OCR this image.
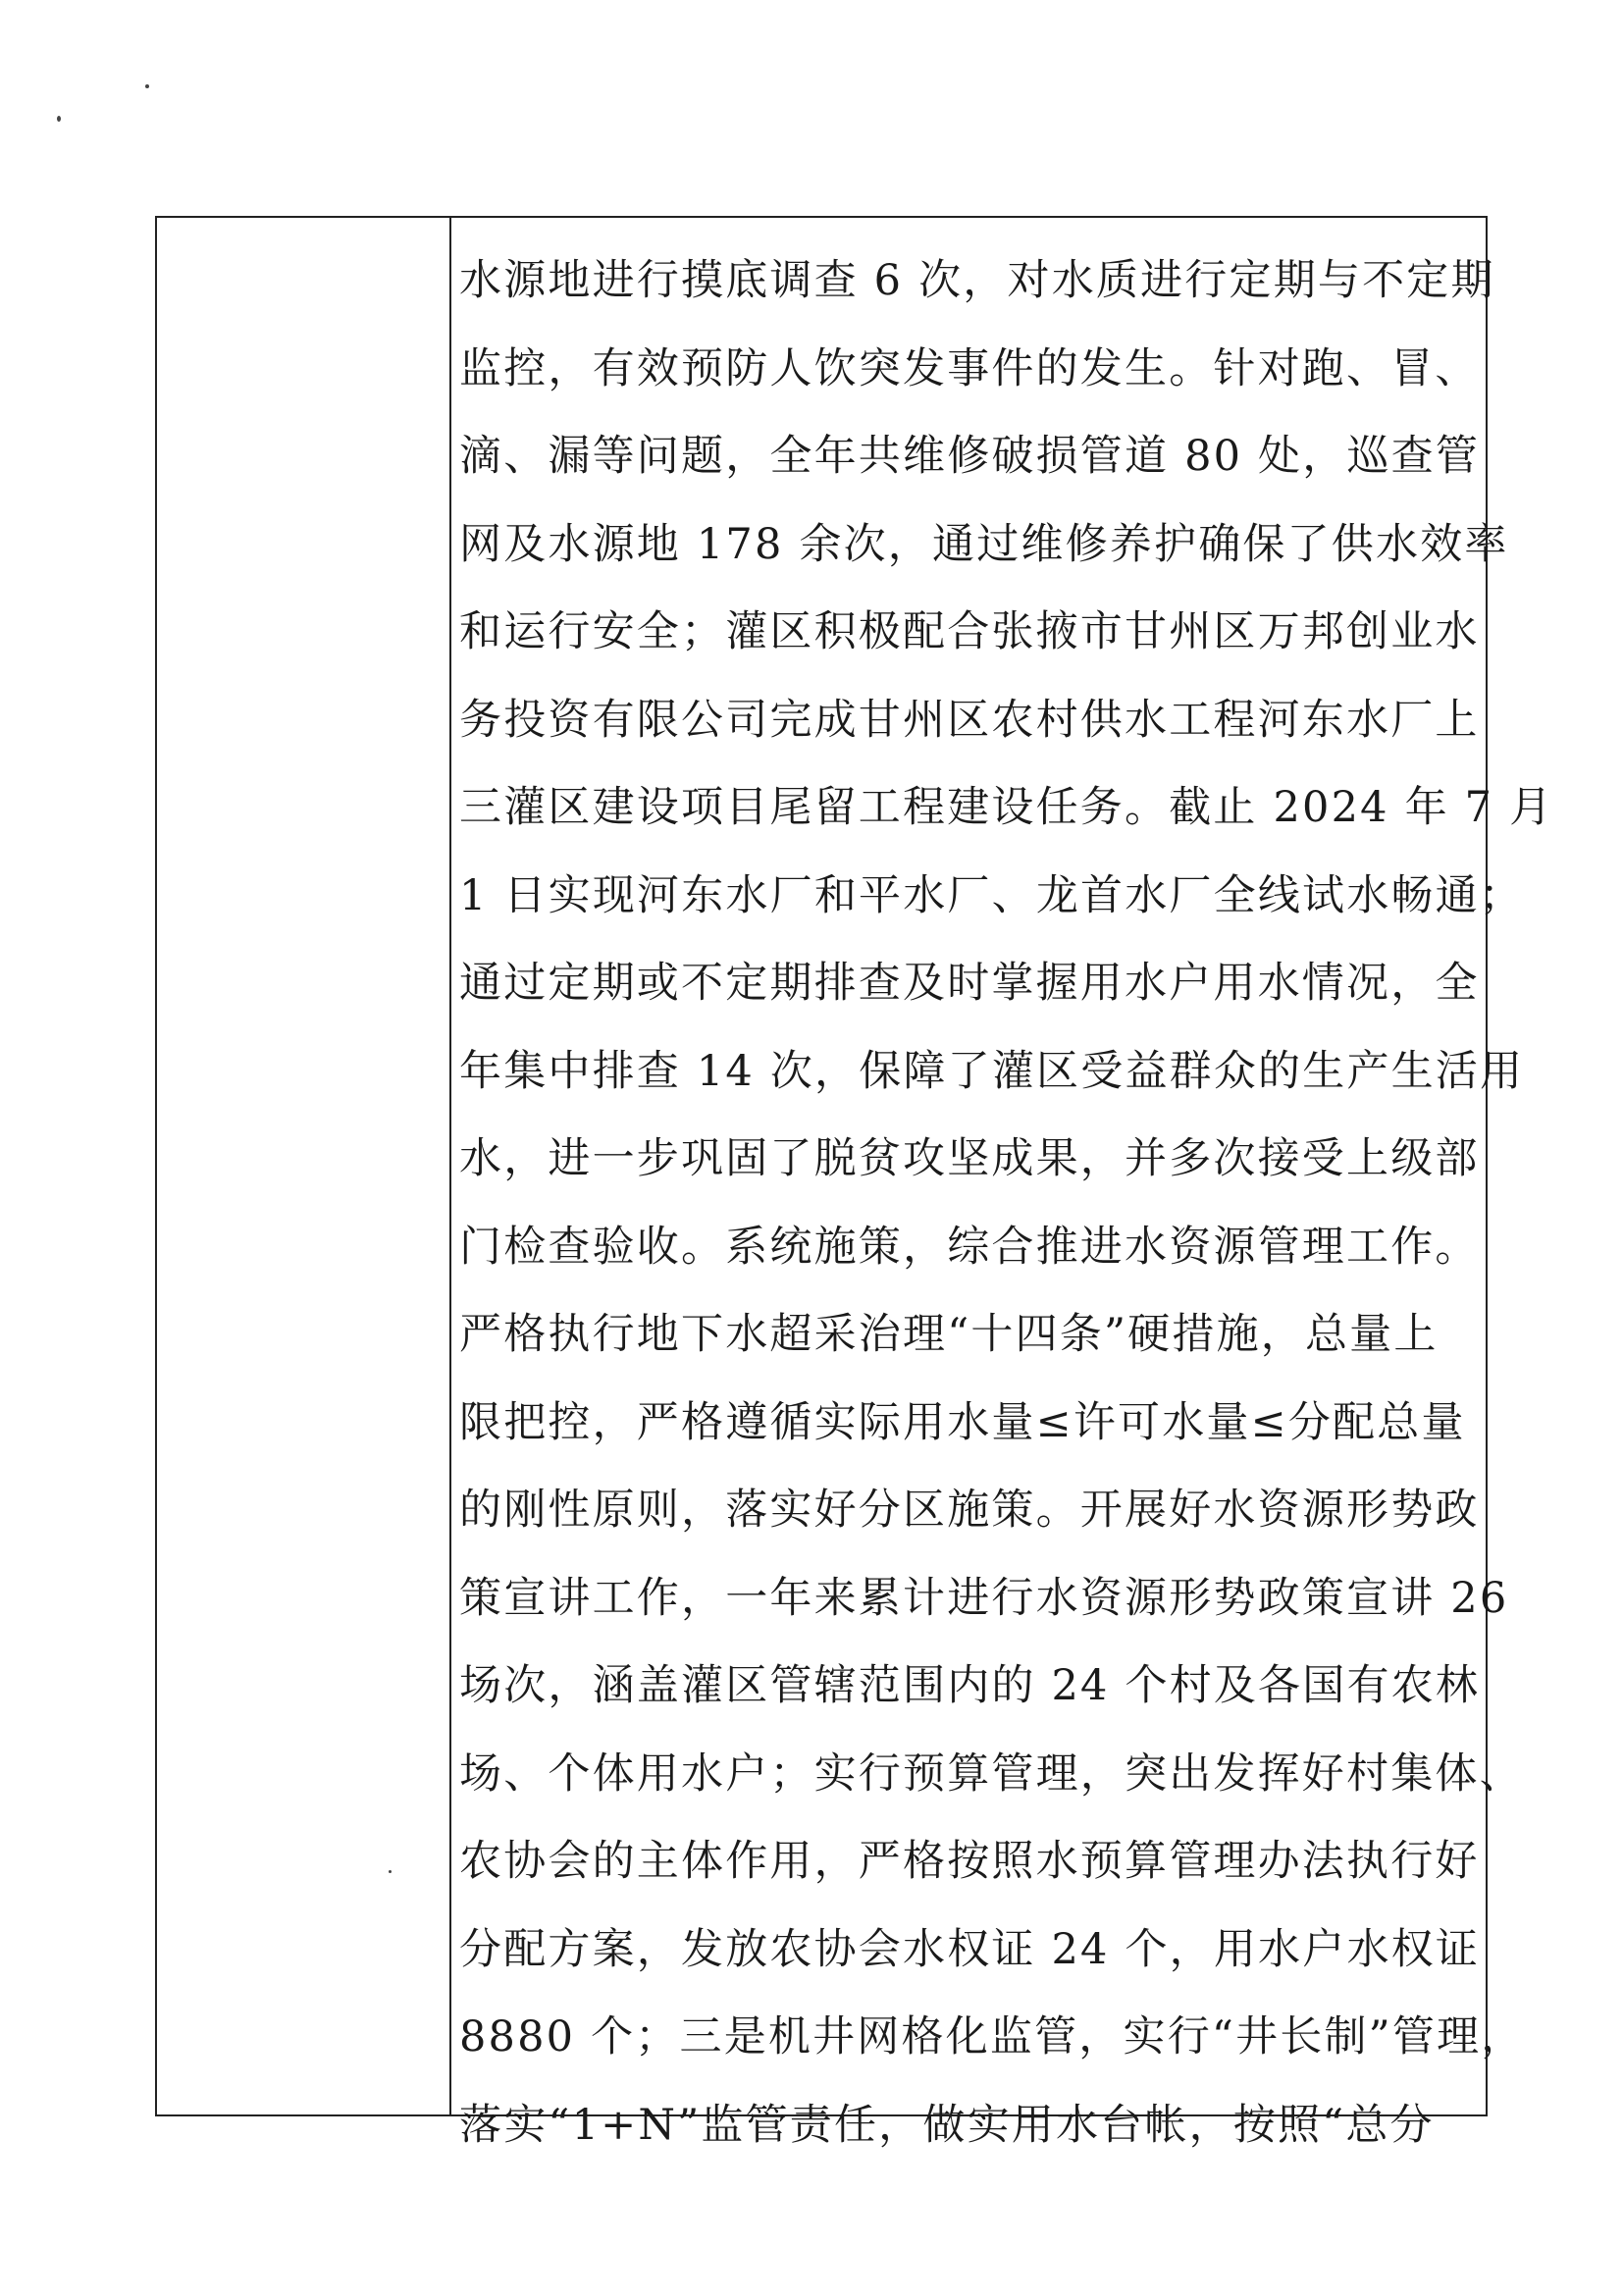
水源地进行摸底调查 6 次，对水质进行定期与不定期
监控，有效预防人饮突发事件的发生。针对跑、冒、
滴、漏等问题，全年共维修破损管道 80 处，巡查管
网及水源地 178 余次，通过维修养护确保了供水效率
和运行安全；灌区积极配合张掖市甘州区万邦创业水
务投资有限公司完成甘州区农村供水工程河东水厂上
三灌区建设项目尾留工程建设任务。截止 2024 年 7 月
1 日实现河东水厂和平水厂、龙首水厂全线试水畅通；
通过定期或不定期排查及时掌握用水户用水情况，全
年集中排查 14 次，保障了灌区受益群众的生产生活用
水，进一步巩固了脱贫攻坚成果，并多次接受上级部
门检查验收。系统施策，综合推进水资源管理工作。
严格执行地下水超采治理“十四条”硬措施，总量上
限把控，严格遵循实际用水量≤许可水量≤分配总量
的刚性原则，落实好分区施策。开展好水资源形势政
策宣讲工作，一年来累计进行水资源形势政策宣讲 26
场次，涵盖灌区管辖范围内的 24 个村及各国有农林
场、个体用水户；实行预算管理，突出发挥好村集体、
农协会的主体作用，严格按照水预算管理办法执行好
分配方案，发放农协会水权证 24 个，用水户水权证
8880 个；三是机井网格化监管，实行“井长制”管理，
落实“1+N”监管责任，做实用水台帐，按照“总分
